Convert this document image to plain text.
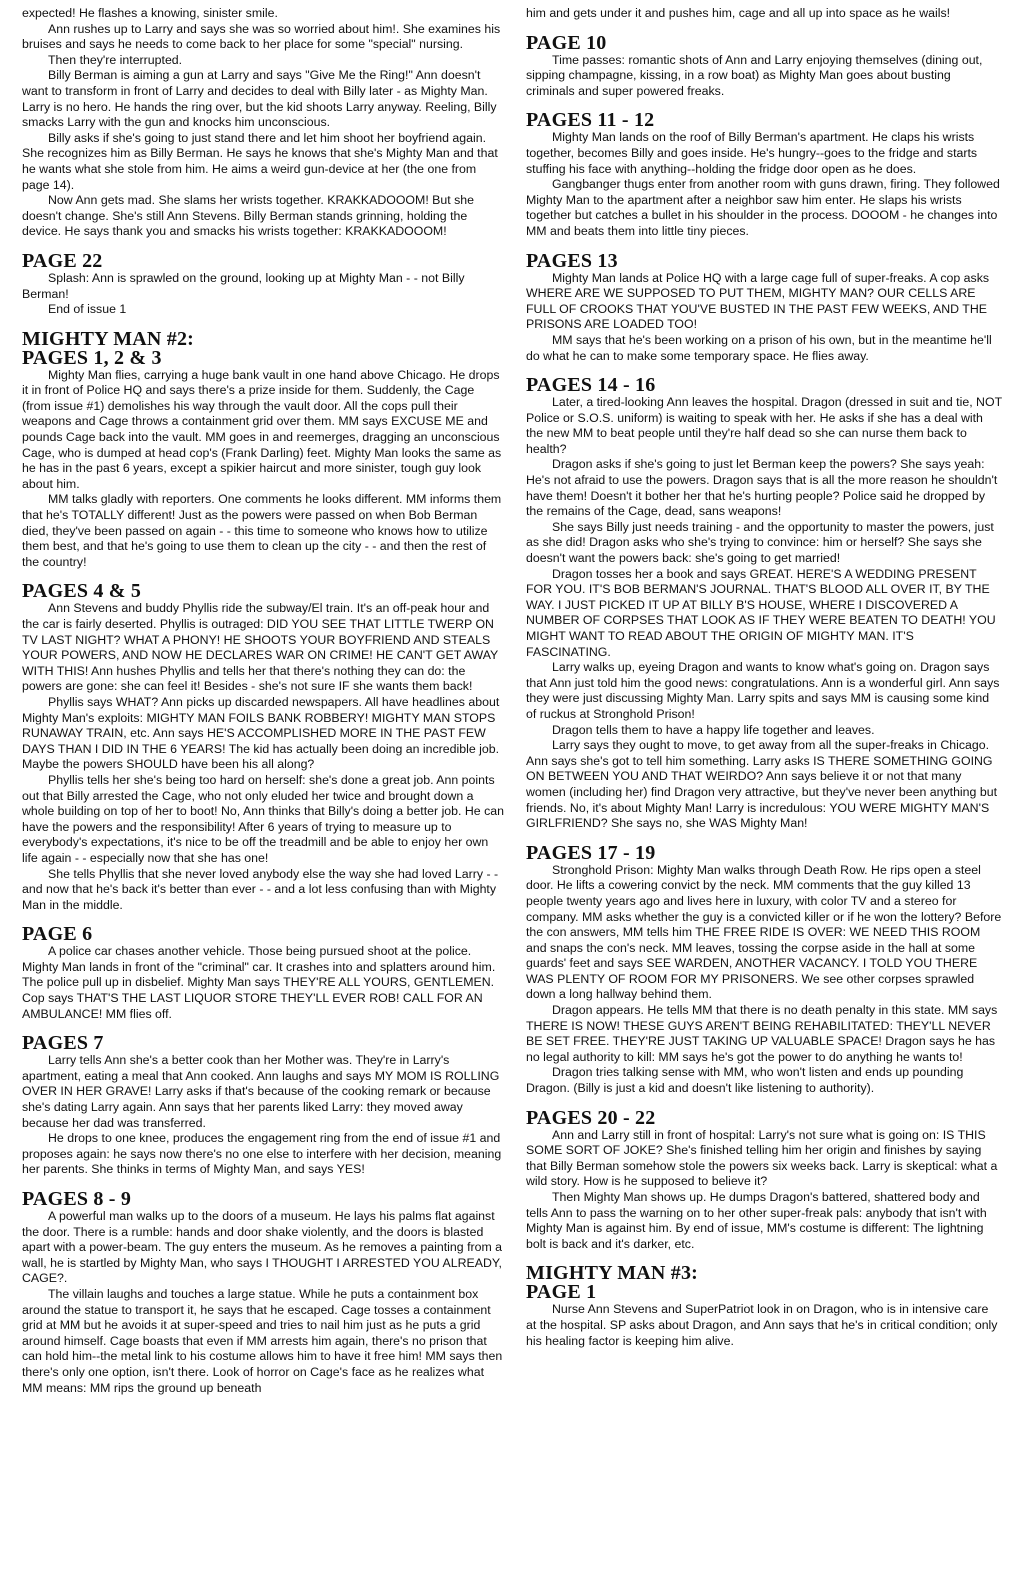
expected! He flashes a knowing, sinister smile.

Ann rushes up to Larry and says she was so worried about him!. She examines his bruises and says he needs to come back to her place for some "special" nursing.

Then they're interrupted.

Billy Berman is aiming a gun at Larry and says "Give Me the Ring!" Ann doesn't want to transform in front of Larry and decides to deal with Billy later - as Mighty Man. Larry is no hero. He hands the ring over, but the kid shoots Larry anyway. Reeling, Billy smacks Larry with the gun and knocks him unconscious.

Billy asks if she's going to just stand there and let him shoot her boyfriend again. She recognizes him as Billy Berman. He says he knows that she's Mighty Man and that he wants what she stole from him. He aims a weird gun-device at her (the one from page 14).

Now Ann gets mad. She slams her wrists together. KRAKKADOOOM! But she doesn't change. She's still Ann Stevens. Billy Berman stands grinning, holding the device. He says thank you and smacks his wrists together: KRAKKADOOOM!

PAGE 22

Splash: Ann is sprawled on the ground, looking up at Mighty Man - - not Billy Berman!

End of issue 1

MIGHTY MAN #2:
PAGES 1, 2 & 3

Mighty Man flies, carrying a huge bank vault in one hand above Chicago. He drops it in front of Police HQ and says there's a prize inside for them. Suddenly, the Cage (from issue #1) demolishes his way through the vault door. All the cops pull their weapons and Cage throws a containment grid over them. MM says EXCUSE ME and pounds Cage back into the vault. MM goes in and reemerges, dragging an unconscious Cage, who is dumped at head cop's (Frank Darling) feet. Mighty Man looks the same as he has in the past 6 years, except a spikier haircut and more sinister, tough guy look about him.

MM talks gladly with reporters. One comments he looks different. MM informs them that he's TOTALLY different! Just as the powers were passed on when Bob Berman died, they've been passed on again - - this time to someone who knows how to utilize them best, and that he's going to use them to clean up the city - - and then the rest of the country!

PAGES 4 & 5

Ann Stevens and buddy Phyllis ride the subway/El train. It's an off-peak hour and the car is fairly deserted. Phyllis is outraged: DID YOU SEE THAT LITTLE TWERP ON TV LAST NIGHT? WHAT A PHONY! HE SHOOTS YOUR BOYFRIEND AND STEALS YOUR POWERS, AND NOW HE DECLARES WAR ON CRIME! HE CAN'T GET AWAY WITH THIS! Ann hushes Phyllis and tells her that there's nothing they can do: the powers are gone: she can feel it! Besides - she's not sure IF she wants them back!

Phyllis says WHAT? Ann picks up discarded newspapers. All have headlines about Mighty Man's exploits: MIGHTY MAN FOILS BANK ROBBERY! MIGHTY MAN STOPS RUNAWAY TRAIN, etc. Ann says HE'S ACCOMPLISHED MORE IN THE PAST FEW DAYS THAN I DID IN THE 6 YEARS! The kid has actually been doing an incredible job. Maybe the powers SHOULD have been his all along?

Phyllis tells her she's being too hard on herself: she's done a great job. Ann points out that Billy arrested the Cage, who not only eluded her twice and brought down a whole building on top of her to boot! No, Ann thinks that Billy's doing a better job. He can have the powers and the responsibility! After 6 years of trying to measure up to everybody's expectations, it's nice to be off the treadmill and be able to enjoy her own life again - - especially now that she has one!

She tells Phyllis that she never loved anybody else the way she had loved Larry - - and now that he's back it's better than ever - - and a lot less confusing than with Mighty Man in the middle.

PAGE 6

A police car chases another vehicle. Those being pursued shoot at the police. Mighty Man lands in front of the "criminal" car. It crashes into and splatters around him. The police pull up in disbelief. Mighty Man says THEY'RE ALL YOURS, GENTLEMEN. Cop says THAT'S THE LAST LIQUOR STORE THEY'LL EVER ROB! CALL FOR AN AMBULANCE! MM flies off.

PAGES 7

Larry tells Ann she's a better cook than her Mother was. They're in Larry's apartment, eating a meal that Ann cooked. Ann laughs and says MY MOM IS ROLLING OVER IN HER GRAVE! Larry asks if that's because of the cooking remark or because she's dating Larry again. Ann says that her parents liked Larry: they moved away because her dad was transferred.

He drops to one knee, produces the engagement ring from the end of issue #1 and proposes again: he says now there's no one else to interfere with her decision, meaning her parents. She thinks in terms of Mighty Man, and says YES!

PAGES 8 - 9

A powerful man walks up to the doors of a museum. He lays his palms flat against the door. There is a rumble: hands and door shake violently, and the doors is blasted apart with a power-beam. The guy enters the museum. As he removes a painting from a wall, he is startled by Mighty Man, who says I THOUGHT I ARRESTED YOU ALREADY, CAGE?.

The villain laughs and touches a large statue. While he puts a containment box around the statue to transport it, he says that he escaped. Cage tosses a containment grid at MM but he avoids it at super-speed and tries to nail him just as he puts a grid around himself. Cage boasts that even if MM arrests him again, there's no prison that can hold him--the metal link to his costume allows him to have it free him! MM says then there's only one option, isn't there. Look of horror on Cage's face as he realizes what MM means: MM rips the ground up beneath

him and gets under it and pushes him, cage and all up into space as he wails!

PAGE 10

Time passes: romantic shots of Ann and Larry enjoying themselves (dining out, sipping champagne, kissing, in a row boat) as Mighty Man goes about busting criminals and super powered freaks.

PAGES 11 - 12

Mighty Man lands on the roof of Billy Berman's apartment. He claps his wrists together, becomes Billy and goes inside. He's hungry--goes to the fridge and starts stuffing his face with anything--holding the fridge door open as he does.

Gangbanger thugs enter from another room with guns drawn, firing. They followed Mighty Man to the apartment after a neighbor saw him enter. He slaps his wrists together but catches a bullet in his shoulder in the process. DOOOM - he changes into MM and beats them into little tiny pieces.

PAGES 13

Mighty Man lands at Police HQ with a large cage full of super-freaks. A cop asks WHERE ARE WE SUPPOSED TO PUT THEM, MIGHTY MAN? OUR CELLS ARE FULL OF CROOKS THAT YOU'VE BUSTED IN THE PAST FEW WEEKS, AND THE PRISONS ARE LOADED TOO!

MM says that he's been working on a prison of his own, but in the meantime he'll do what he can to make some temporary space. He flies away.

PAGES 14 - 16

Later, a tired-looking Ann leaves the hospital. Dragon (dressed in suit and tie, NOT Police or S.O.S. uniform) is waiting to speak with her. He asks if she has a deal with the new MM to beat people until they're half dead so she can nurse them back to health?

Dragon asks if she's going to just let Berman keep the powers? She says yeah: He's not afraid to use the powers. Dragon says that is all the more reason he shouldn't have them! Doesn't it bother her that he's hurting people? Police said he dropped by the remains of the Cage, dead, sans weapons!

She says Billy just needs training - and the opportunity to master the powers, just as she did! Dragon asks who she's trying to convince: him or herself? She says she doesn't want the powers back: she's going to get married!

Dragon tosses her a book and says GREAT. HERE'S A WEDDING PRESENT FOR YOU. IT'S BOB BERMAN'S JOURNAL. THAT'S BLOOD ALL OVER IT, BY THE WAY. I JUST PICKED IT UP AT BILLY B'S HOUSE, WHERE I DISCOVERED A NUMBER OF CORPSES THAT LOOK AS IF THEY WERE BEATEN TO DEATH! YOU MIGHT WANT TO READ ABOUT THE ORIGIN OF MIGHTY MAN. IT'S FASCINATING.

Larry walks up, eyeing Dragon and wants to know what's going on. Dragon says that Ann just told him the good news: congratulations. Ann is a wonderful girl. Ann says they were just discussing Mighty Man. Larry spits and says MM is causing some kind of ruckus at Stronghold Prison!

Dragon tells them to have a happy life together and leaves.

Larry says they ought to move, to get away from all the super-freaks in Chicago. Ann says she's got to tell him something. Larry asks IS THERE SOMETHING GOING ON BETWEEN YOU AND THAT WEIRDO? Ann says believe it or not that many women (including her) find Dragon very attractive, but they've never been anything but friends. No, it's about Mighty Man! Larry is incredulous: YOU WERE MIGHTY MAN'S GIRLFRIEND? She says no, she WAS Mighty Man!

PAGES 17 - 19

Stronghold Prison: Mighty Man walks through Death Row. He rips open a steel door. He lifts a cowering convict by the neck. MM comments that the guy killed 13 people twenty years ago and lives here in luxury, with color TV and a stereo for company. MM asks whether the guy is a convicted killer or if he won the lottery? Before the con answers, MM tells him THE FREE RIDE IS OVER: WE NEED THIS ROOM and snaps the con's neck. MM leaves, tossing the corpse aside in the hall at some guards' feet and says SEE WARDEN, ANOTHER VACANCY. I TOLD YOU THERE WAS PLENTY OF ROOM FOR MY PRISONERS. We see other corpses sprawled down a long hallway behind them.

Dragon appears. He tells MM that there is no death penalty in this state. MM says THERE IS NOW! THESE GUYS AREN'T BEING REHABILITATED: THEY'LL NEVER BE SET FREE. THEY'RE JUST TAKING UP VALUABLE SPACE! Dragon says he has no legal authority to kill: MM says he's got the power to do anything he wants to!

Dragon tries talking sense with MM, who won't listen and ends up pounding Dragon. (Billy is just a kid and doesn't like listening to authority).

PAGES 20 - 22

Ann and Larry still in front of hospital: Larry's not sure what is going on: IS THIS SOME SORT OF JOKE? She's finished telling him her origin and finishes by saying that Billy Berman somehow stole the powers six weeks back. Larry is skeptical: what a wild story. How is he supposed to believe it?

Then Mighty Man shows up. He dumps Dragon's battered, shattered body and tells Ann to pass the warning on to her other super-freak pals: anybody that isn't with Mighty Man is against him. By end of issue, MM's costume is different: The lightning bolt is back and it's darker, etc.

MIGHTY MAN #3:
PAGE 1

Nurse Ann Stevens and SuperPatriot look in on Dragon, who is in intensive care at the hospital. SP asks about Dragon, and Ann says that he's in critical condition; only his healing factor is keeping him alive.
